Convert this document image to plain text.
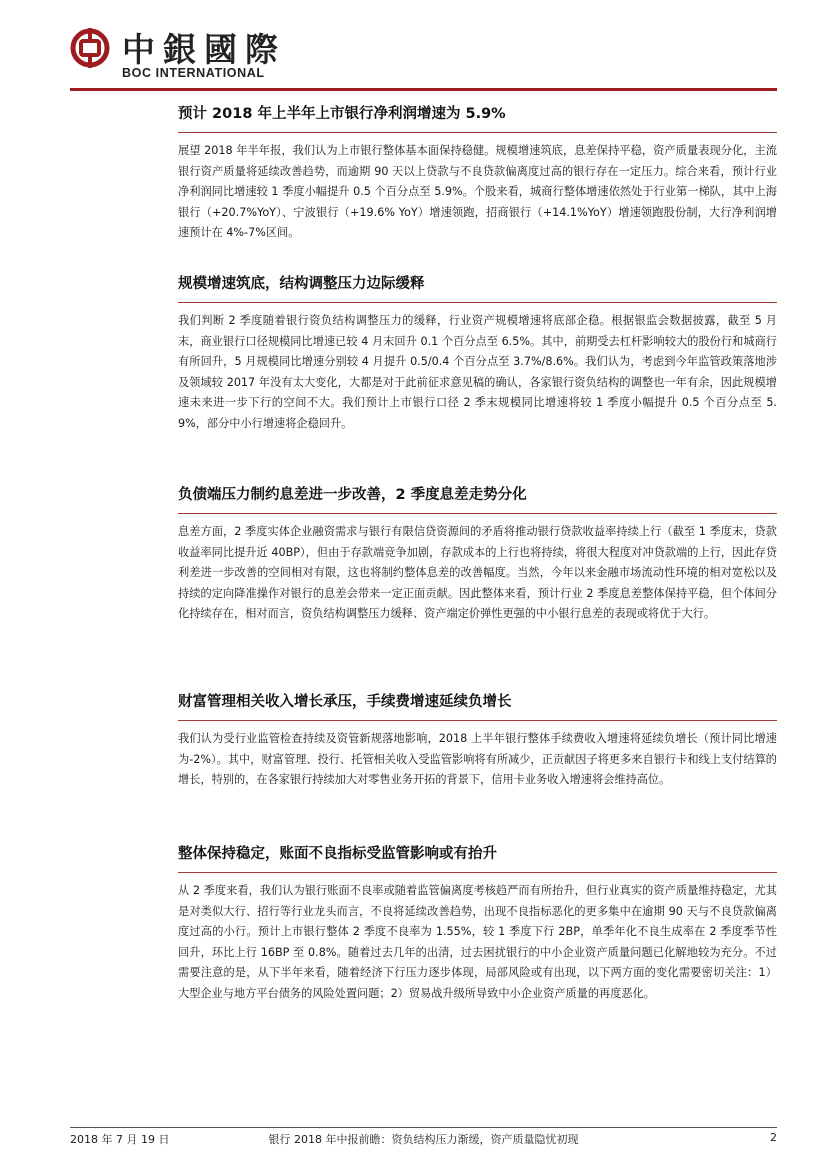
中銀國際
BOC INTERNATIONAL
预计 2018 年上半年上市银行净利润增速为 5.9%
展望 2018 年半年报，我们认为上市银行整体基本面保持稳健。规模增速筑底，息差保持平稳，资产质量表现分化，主流银行资产质量将延续改善趋势，而逾期 90 天以上贷款与不良贷款偏离度过高的银行存在一定压力。综合来看，预计行业净利润同比增速较 1 季度小幅提升 0.5 个百分点至 5.9%。个股来看，城商行整体增速依然处于行业第一梯队，其中上海银行（+20.7%YoY）、宁波银行（+19.6% YoY）增速领跑，招商银行（+14.1%YoY）增速领跑股份制，大行净利润增速预计在 4%-7%区间。
规模增速筑底，结构调整压力边际缓释
我们判断 2 季度随着银行资负结构调整压力的缓释，行业资产规模增速将底部企稳。根据银监会数据披露，截至 5 月末，商业银行口径规模同比增速已较 4 月末回升 0.1 个百分点至 6.5%。其中，前期受去杠杆影响较大的股份行和城商行有所回升，5 月规模同比增速分别较 4 月提升 0.5/0.4 个百分点至 3.7%/8.6%。我们认为，考虑到今年监管政策落地涉及领域较 2017 年没有太大变化，大都是对于此前征求意见稿的确认，各家银行资负结构的调整也一年有余，因此规模增速未来进一步下行的空间不大。我们预计上市银行口径 2 季末规模同比增速将较 1 季度小幅提升 0.5 个百分点至 5.9%，部分中小行增速将企稳回升。
负债端压力制约息差进一步改善，2 季度息差走势分化
息差方面，2 季度实体企业融资需求与银行有限信贷资源间的矛盾将推动银行贷款收益率持续上行（截至 1 季度末，贷款收益率同比提升近 40BP），但由于存款端竞争加剧，存款成本的上行也将持续，将很大程度对冲贷款端的上行，因此存贷利差进一步改善的空间相对有限，这也将制约整体息差的改善幅度。当然，今年以来金融市场流动性环境的相对宽松以及持续的定向降准操作对银行的息差会带来一定正面贡献。因此整体来看，预计行业 2 季度息差整体保持平稳，但个体间分化持续存在，相对而言，资负结构调整压力缓释、资产端定价弹性更强的中小银行息差的表现或将优于大行。
财富管理相关收入增长承压，手续费增速延续负增长
我们认为受行业监管检查持续及资管新规落地影响，2018 上半年银行整体手续费收入增速将延续负增长（预计同比增速为-2%）。其中，财富管理、投行、托管相关收入受监管影响将有所减少，正贡献因子将更多来自银行卡和线上支付结算的增长，特别的，在各家银行持续加大对零售业务开拓的背景下，信用卡业务收入增速将会维持高位。
整体保持稳定，账面不良指标受监管影响或有抬升
从 2 季度来看，我们认为银行账面不良率或随着监管偏离度考核趋严而有所抬升，但行业真实的资产质量维持稳定，尤其是对类似大行、招行等行业龙头而言，不良将延续改善趋势，出现不良指标恶化的更多集中在逾期 90 天与不良贷款偏离度过高的小行。预计上市银行整体 2 季度不良率为 1.55%，较 1 季度下行 2BP，单季年化不良生成率在 2 季度季节性回升，环比上行 16BP 至 0.8%。随着过去几年的出清，过去困扰银行的中小企业资产质量问题已化解地较为充分。不过需要注意的是，从下半年来看，随着经济下行压力逐步体现，局部风险或有出现，以下两方面的变化需要密切关注：1）大型企业与地方平台债务的风险处置问题；2）贸易战升级所导致中小企业资产质量的再度恶化。
银行 2018 年中报前瞻：资负结构压力渐缓，资产质量隐忧初现
2018 年 7 月 19 日	2
